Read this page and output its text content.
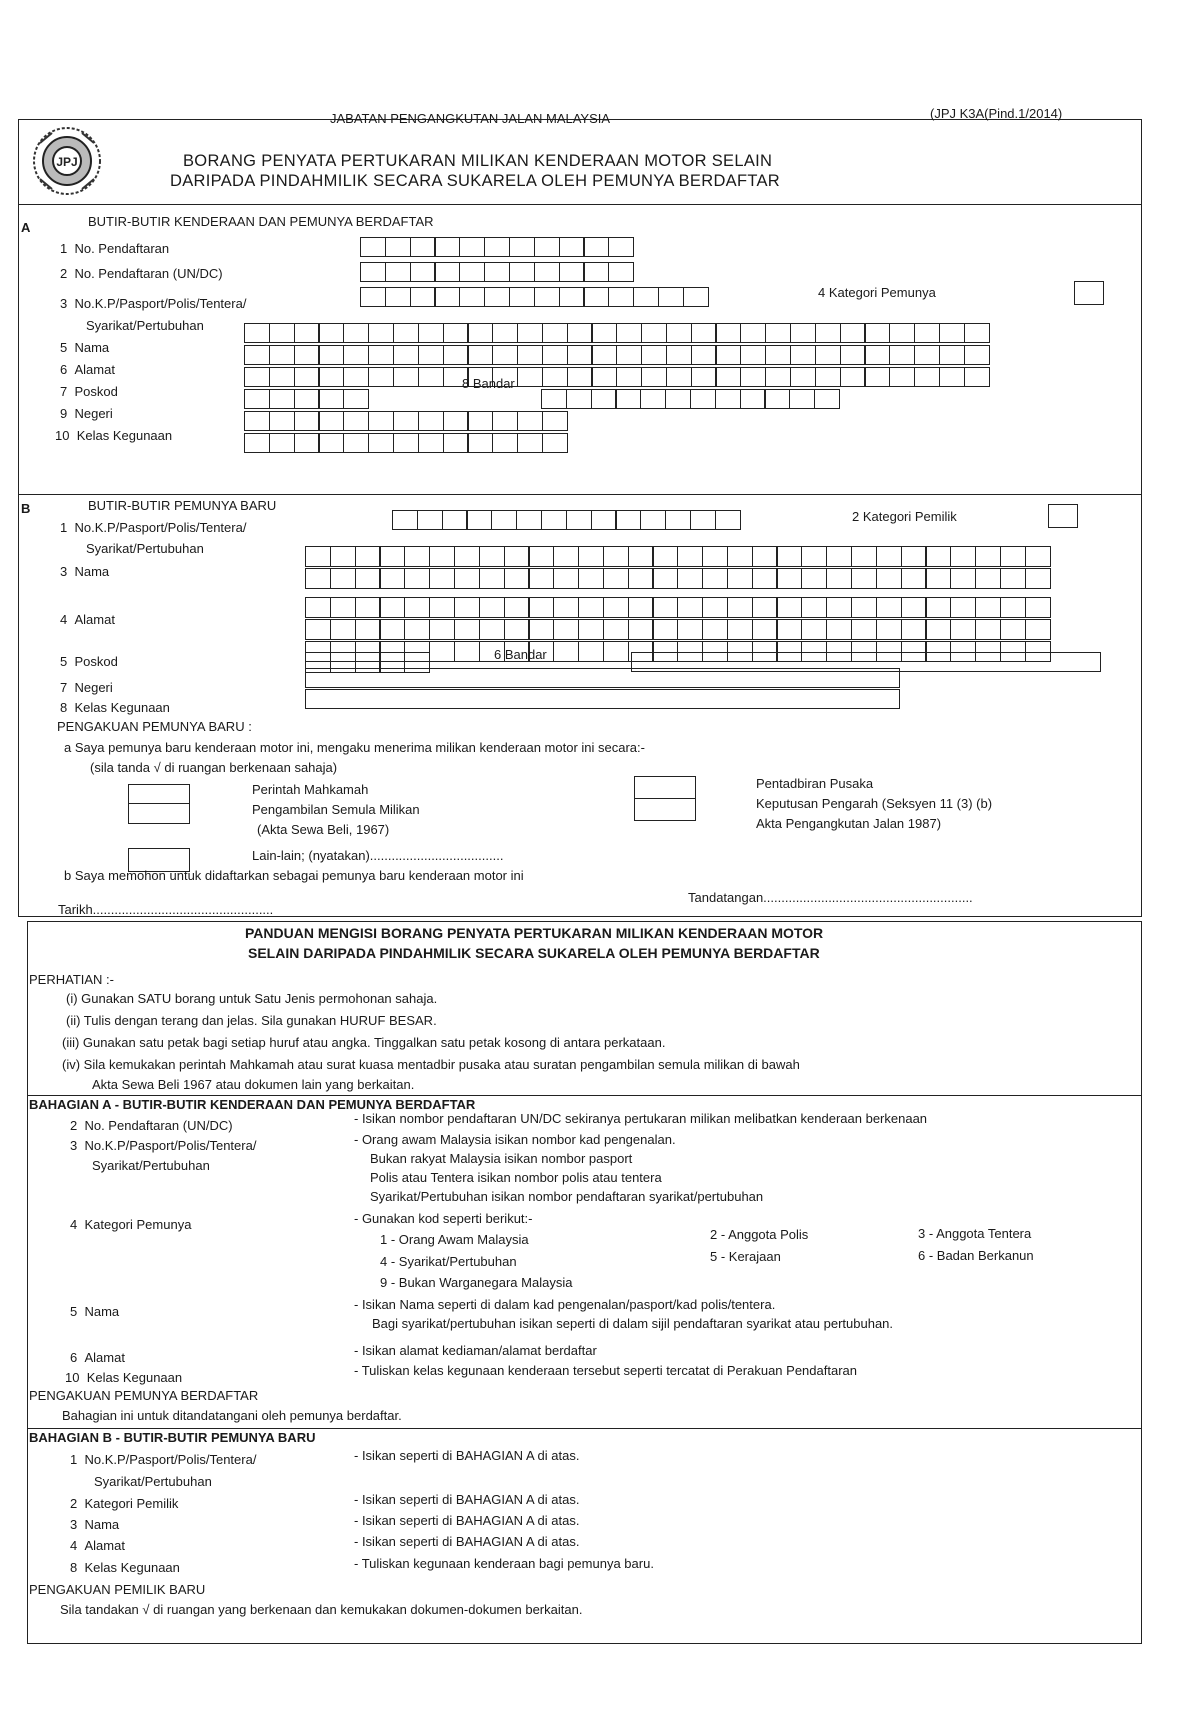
JABATAN PENGANGKUTAN JALAN MALAYSIA	(JPJ K3A(Pind.1/2014)
JPJ	BORANG PENYATA PERTUKARAN MILIKAN KENDERAAN MOTOR SELAIN
DARIPADA PINDAHMILIK SECARA SUKARELA OLEH PEMUNYA BERDAFTAR
A	BUTIR-BUTIR KENDERAAN DAN PEMUNYA BERDAFTAR
1 No. Pendaftaran
2 No. Pendaftaran (UN/DC)
3 No.K.P/Pasport/Polis/Tentera/
Syarikat/Pertubuhan
5 Nama
6 Alamat
7 Poskod
9 Negeri
10 Kelas Kegunaan
4 Kategori Pemunya
8 Bandar
B	BUTIR-BUTIR PEMUNYA BARU
1 No.K.P/Pasport/Polis/Tentera/
Syarikat/Pertubuhan
2 Kategori Pemilik
3 Nama
4 Alamat
5 Poskod	6 Bandar
7 Negeri
8 Kelas Kegunaan
PENGAKUAN PEMUNYA BARU :
a Saya pemunya baru kenderaan motor ini, mengaku menerima milikan kenderaan motor ini secara:-
(sila tanda √ di ruangan berkenaan sahaja)
Perintah Mahkamah
Pengambilan Semula Milikan
(Akta Sewa Beli, 1967)
Pentadbiran Pusaka
Keputusan Pengarah (Seksyen 11 (3) (b)
Akta Pengangkutan Jalan 1987)
Lain-lain; (nyatakan).....................................
b Saya memohon untuk didaftarkan sebagai pemunya baru kenderaan motor ini
Tarikh..................................................
Tandatangan..........................................................
PANDUAN MENGISI BORANG PENYATA PERTUKARAN MILIKAN KENDERAAN MOTOR
SELAIN DARIPADA PINDAHMILIK SECARA SUKARELA OLEH PEMUNYA BERDAFTAR
PERHATIAN :-
(i) Gunakan SATU borang untuk Satu Jenis permohonan sahaja.
(ii) Tulis dengan terang dan jelas. Sila gunakan HURUF BESAR.
(iii) Gunakan satu petak bagi setiap huruf atau angka. Tinggalkan satu petak kosong di antara perkataan.
(iv) Sila kemukakan perintah Mahkamah atau surat kuasa mentadbir pusaka atau suratan pengambilan semula milikan di bawah
Akta Sewa Beli 1967 atau dokumen lain yang berkaitan.
BAHAGIAN A - BUTIR-BUTIR KENDERAAN DAN PEMUNYA BERDAFTAR
2 No. Pendaftaran (UN/DC)	- Isikan nombor pendaftaran UN/DC sekiranya pertukaran milikan melibatkan kenderaan berkenaan
3 No.K.P/Pasport/Polis/Tentera/	- Orang awam Malaysia isikan nombor kad pengenalan.
Syarikat/Pertubuhan	Bukan rakyat Malaysia isikan nombor pasport
Polis atau Tentera isikan nombor polis atau tentera
Syarikat/Pertubuhan isikan nombor pendaftaran syarikat/pertubuhan
4 Kategori Pemunya	- Gunakan kod seperti berikut:-
1 - Orang Awam Malaysia	2 - Anggota Polis	3 - Anggota Tentera
4 - Syarikat/Pertubuhan	5 - Kerajaan	6 - Badan Berkanun
9 - Bukan Warganegara Malaysia
5 Nama	- Isikan Nama seperti di dalam kad pengenalan/pasport/kad polis/tentera.
Bagi syarikat/pertubuhan isikan seperti di dalam sijil pendaftaran syarikat atau pertubuhan.
6 Alamat	- Isikan alamat kediaman/alamat berdaftar
10 Kelas Kegunaan	- Tuliskan kelas kegunaan kenderaan tersebut seperti tercatat di Perakuan Pendaftaran
PENGAKUAN PEMUNYA BERDAFTAR
Bahagian ini untuk ditandatangani oleh pemunya berdaftar.
BAHAGIAN B - BUTIR-BUTIR PEMUNYA BARU
1 No.K.P/Pasport/Polis/Tentera/	- Isikan seperti di BAHAGIAN A di atas.
Syarikat/Pertubuhan
2 Kategori Pemilik	- Isikan seperti di BAHAGIAN A di atas.
3 Nama	- Isikan seperti di BAHAGIAN A di atas.
4 Alamat	- Isikan seperti di BAHAGIAN A di atas.
8 Kelas Kegunaan	- Tuliskan kegunaan kenderaan bagi pemunya baru.
PENGAKUAN PEMILIK BARU
Sila tandakan √ di ruangan yang berkenaan dan kemukakan dokumen-dokumen berkaitan.
